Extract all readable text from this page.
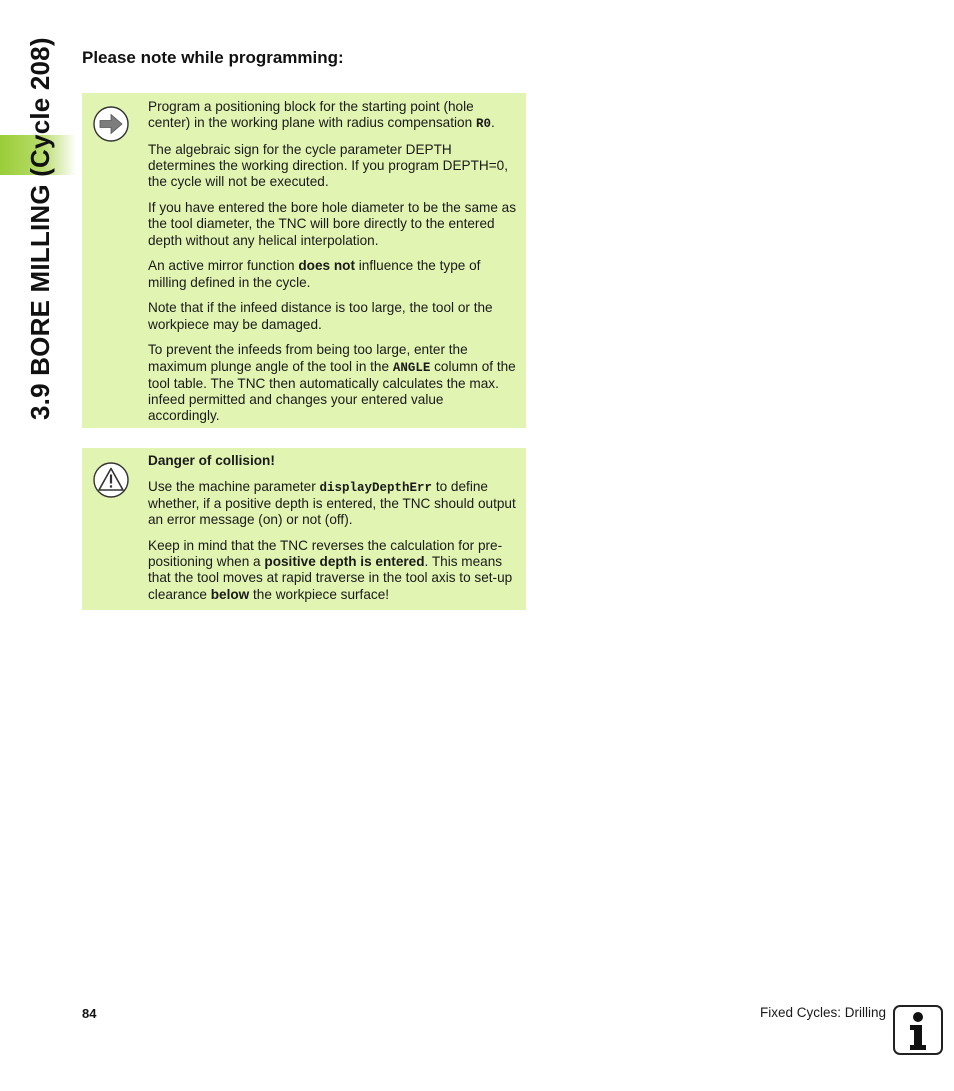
3.9 BORE MILLING (Cycle 208) Please note while programming:

Program a positioning block for the starting point (hole center) in the working plane with radius compensation R0.

The algebraic sign for the cycle parameter DEPTH determines the working direction. If you program DEPTH=0, the cycle will not be executed.

If you have entered the bore hole diameter to be the same as the tool diameter, the TNC will bore directly to the entered depth without any helical interpolation.

An active mirror function does not influence the type of milling defined in the cycle.

Note that if the infeed distance is too large, the tool or the workpiece may be damaged.

To prevent the infeeds from being too large, enter the maximum plunge angle of the tool in the ANGLE column of the tool table. The TNC then automatically calculates the max. infeed permitted and changes your entered value accordingly.

Danger of collision!

Use the machine parameter displayDepthErr to define whether, if a positive depth is entered, the TNC should output an error message (on) or not (off).

Keep in mind that the TNC reverses the calculation for pre-positioning when a positive depth is entered. This means that the tool moves at rapid traverse in the tool axis to set-up clearance below the workpiece surface!

84	Fixed Cycles: Drilling
